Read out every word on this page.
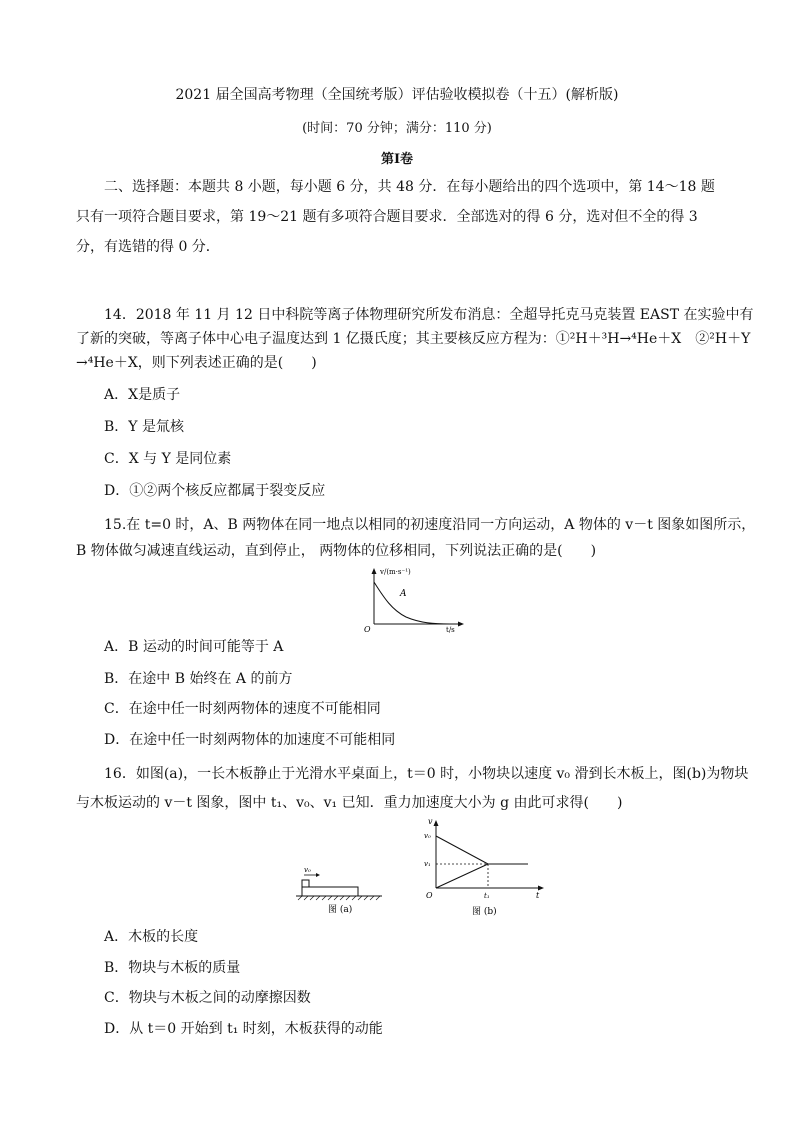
2021 届全国高考物理（全国统考版）评估验收模拟卷（十五）(解析版)
(时间：70 分钟；满分：110 分)
第Ⅰ卷
二、选择题：本题共 8 小题，每小题 6 分，共 48 分．在每小题给出的四个选项中，第 14～18 题只有一项符合题目要求，第 19～21 题有多项符合题目要求．全部选对的得 6 分，选对但不全的得 3 分，有选错的得 0 分．
14．2018 年 11 月 12 日中科院等离子体物理研究所发布消息：全超导托克马克装置 EAST 在实验中有
了新的突破，等离子体中心电子温度达到 1 亿摄氏度；其主要核反应方程为：①²H＋³H→⁴He＋X　②²H＋Y
→⁴He＋X，则下列表述正确的是(　　)
A．X是质子
B．Y 是氚核
C．X 与 Y 是同位素
D．①②两个核反应都属于裂变反应
15.在 t=0 时，A、B 两物体在同一地点以相同的初速度沿同一方向运动，A 物体的 v－t 图象如图所示，
B 物体做匀减速直线运动，直到停止， 两物体的位移相同，下列说法正确的是(　　)
v/(m·s⁻¹)
A
O	t/s
A．B 运动的时间可能等于 A
B．在途中 B 始终在 A 的前方
C．在途中任一时刻两物体的速度不可能相同
D．在途中任一时刻两物体的加速度不可能相同
16．如图(a)，一长木板静止于光滑水平桌面上，t＝0 时，小物块以速度 v₀ 滑到长木板上，图(b)为物块
与木板运动的 v－t 图象，图中 t₁、v₀、v₁ 已知．重力加速度大小为 g 由此可求得(　　)
v₀
图 (a)
v
v₀
v₁
O	t₁	t
图 (b)
A．木板的长度
B．物块与木板的质量
C．物块与木板之间的动摩擦因数
D．从 t＝0 开始到 t₁ 时刻，木板获得的动能
